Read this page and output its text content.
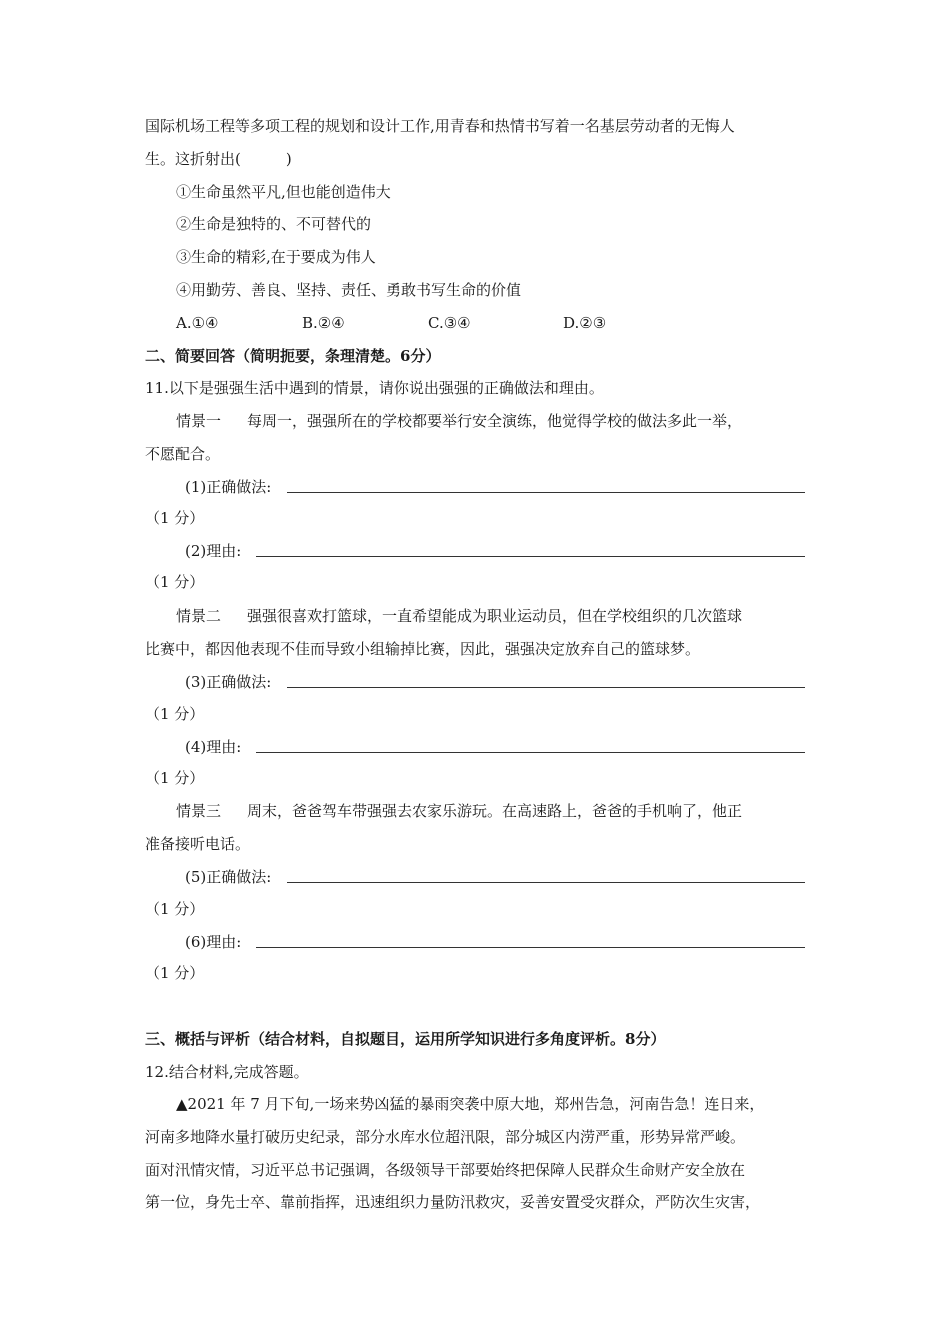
国际机场工程等多项工程的规划和设计工作,用青春和热情书写着一名基层劳动者的无悔人
生。这折射出(　　　)
①生命虽然平凡,但也能创造伟大
②生命是独特的、不可替代的
③生命的精彩,在于要成为伟人
④用勤劳、善良、坚持、责任、勇敢书写生命的价值
A.①④	B.②④	C.③④	D.②③
二、简要回答（简明扼要，条理清楚。6分）
11.以下是强强生活中遇到的情景，请你说出强强的正确做法和理由。
情景一 每周一，强强所在的学校都要举行安全演练，他觉得学校的做法多此一举，
不愿配合。
(1)正确做法:
（1 分）
(2)理由:
（1 分）
情景二 强强很喜欢打篮球，一直希望能成为职业运动员，但在学校组织的几次篮球
比赛中，都因他表现不佳而导致小组输掉比赛，因此，强强决定放弃自己的篮球梦。
(3)正确做法:
（1 分）
(4)理由:
（1 分）
情景三 周末，爸爸驾车带强强去农家乐游玩。在高速路上，爸爸的手机响了，他正
准备接听电话。
(5)正确做法:
（1 分）
(6)理由:
（1 分）
三、概括与评析（结合材料，自拟题目，运用所学知识进行多角度评析。8分）
12.结合材料,完成答题。
▲2021 年 7 月下旬,一场来势凶猛的暴雨突袭中原大地，郑州告急，河南告急！连日来，
河南多地降水量打破历史纪录，部分水库水位超汛限，部分城区内涝严重，形势异常严峻。
面对汛情灾情，习近平总书记强调，各级领导干部要始终把保障人民群众生命财产安全放在
第一位，身先士卒、靠前指挥，迅速组织力量防汛救灾，妥善安置受灾群众，严防次生灾害，
